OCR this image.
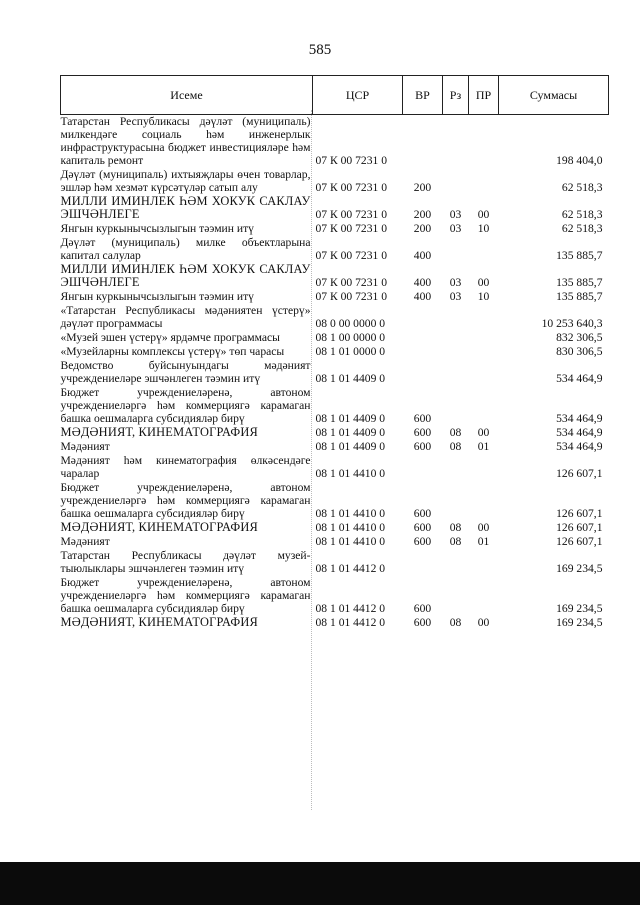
585
Исеме	ЦСР	ВР	Рз	ПР	Суммасы
Татарстан Республикасы дәүләт (муниципаль) милкендәге социаль һәм инженерлык инфраструктурасына бюджет инвестицияләре һәм капиталь ремонт	07 К 00 7231 0				198 404,0
Дәүләт (муниципаль) ихтыяҗлары өчен товарлар, эшләр һәм хезмәт күрсәтүләр сатып алу	07 К 00 7231 0	200			62 518,3
МИЛЛИ ИМИНЛЕК ҺӘМ ХОКУК САКЛАУ ЭШЧӘНЛЕГЕ	07 К 00 7231 0	200	03	00	62 518,3
Янгын куркынычсызлыгын тәэмин итү	07 К 00 7231 0	200	03	10	62 518,3
Дәүләт (муниципаль) милке объектларына капитал салулар	07 К 00 7231 0	400			135 885,7
МИЛЛИ ИМИНЛЕК ҺӘМ ХОКУК САКЛАУ ЭШЧӘНЛЕГЕ	07 К 00 7231 0	400	03	00	135 885,7
Янгын куркынычсызлыгын тәэмин итү	07 К 00 7231 0	400	03	10	135 885,7
«Татарстан Республикасы мәдәниятен үстерү» дәүләт программасы	08 0 00 0000 0				10 253 640,3
«Музей эшен үстерү» ярдәмче программасы	08 1 00 0000 0				832 306,5
«Музейларны комплексы үстерү» төп чарасы	08 1 01 0000 0				830 306,5
Ведомство буйсынуындагы мәдәният учреждениеләре эшчәнлеген тәэмин итү	08 1 01 4409 0				534 464,9
Бюджет учреждениеләренә, автоном учреждениеләргә һәм коммерциягә карамаган башка оешмаларга субсидияләр бирү	08 1 01 4409 0	600			534 464,9
МӘДӘНИЯТ, КИНЕМАТОГРАФИЯ	08 1 01 4409 0	600	08	00	534 464,9
Мәдәният	08 1 01 4409 0	600	08	01	534 464,9
Мәдәният һәм кинематография өлкәсендәге чаралар	08 1 01 4410 0				126 607,1
Бюджет учреждениеләренә, автоном учреждениеләргә һәм коммерциягә карамаган башка оешмаларга субсидияләр бирү	08 1 01 4410 0	600			126 607,1
МӘДӘНИЯТ, КИНЕМАТОГРАФИЯ	08 1 01 4410 0	600	08	00	126 607,1
Мәдәният	08 1 01 4410 0	600	08	01	126 607,1
Татарстан Республикасы дәүләт музей-тыюлыклары эшчәнлеген тәэмин итү	08 1 01 4412 0				169 234,5
Бюджет учреждениеләренә, автоном учреждениеләргә һәм коммерциягә карамаган башка оешмаларга субсидияләр бирү	08 1 01 4412 0	600			169 234,5
МӘДӘНИЯТ, КИНЕМАТОГРАФИЯ	08 1 01 4412 0	600	08	00	169 234,5
